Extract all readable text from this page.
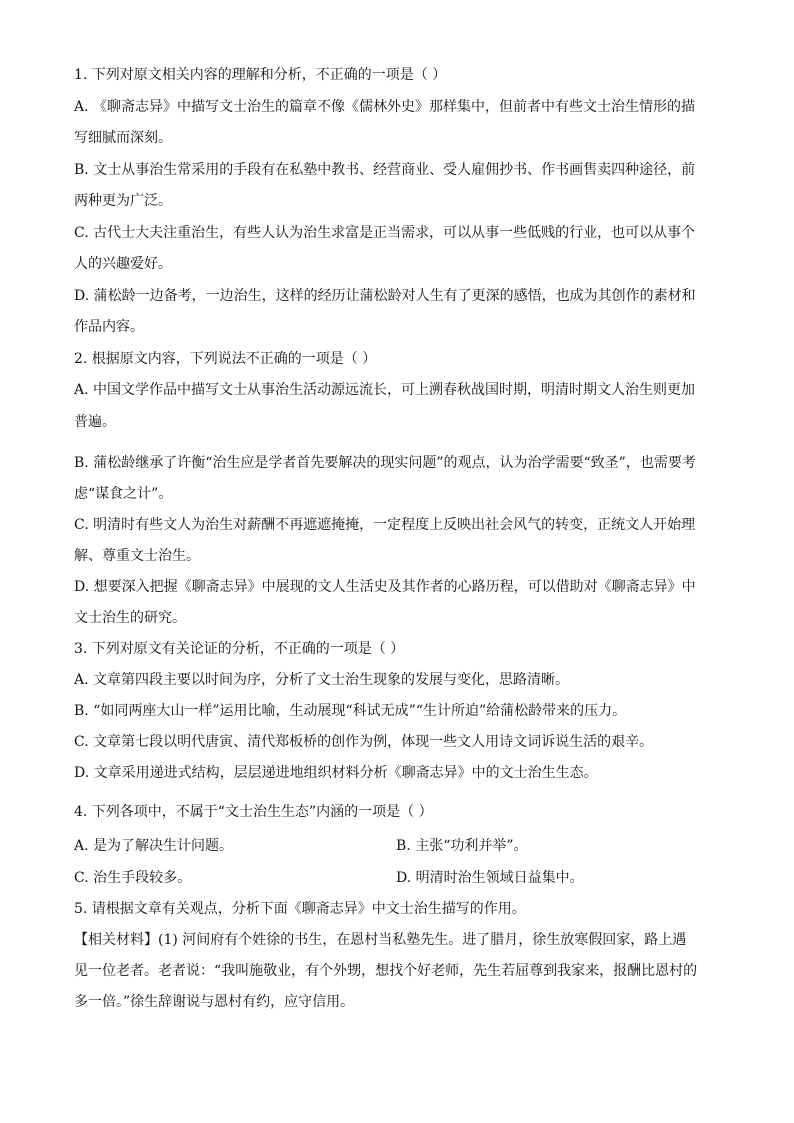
1. 下列对原文相关内容的理解和分析，不正确的一项是（ ）
A. 《聊斋志异》中描写文士治生的篇章不像《儒林外史》那样集中，但前者中有些文士治生情形的描
写细腻而深刻。
B. 文士从事治生常采用的手段有在私塾中教书、经营商业、受人雇佣抄书、作书画售卖四种途径，前
两种更为广泛。
C. 古代士大夫注重治生，有些人认为治生求富是正当需求，可以从事一些低贱的行业，也可以从事个
人的兴趣爱好。
D. 蒲松龄一边备考，一边治生，这样的经历让蒲松龄对人生有了更深的感悟，也成为其创作的素材和
作品内容。
2. 根据原文内容，下列说法不正确的一项是（ ）
A. 中国文学作品中描写文士从事治生活动源远流长，可上溯春秋战国时期，明清时期文人治生则更加
普遍。
B. 蒲松龄继承了许衡“治生应是学者首先要解决的现实问题”的观点，认为治学需要“致圣”，也需要考
虑“谋食之计”。
C. 明清时有些文人为治生对薪酬不再遮遮掩掩，一定程度上反映出社会风气的转变，正统文人开始理
解、尊重文士治生。
D. 想要深入把握《聊斋志异》中展现的文人生活史及其作者的心路历程，可以借助对《聊斋志异》中
文士治生的研究。
3. 下列对原文有关论证的分析，不正确的一项是（ ）
A. 文章第四段主要以时间为序，分析了文士治生现象的发展与变化，思路清晰。
B. “如同两座大山一样”运用比喻，生动展现“科试无成”“生计所迫”给蒲松龄带来的压力。
C. 文章第七段以明代唐寅、清代郑板桥的创作为例，体现一些文人用诗文词诉说生活的艰辛。
D. 文章采用递进式结构，层层递进地组织材料分析《聊斋志异》中的文士治生生态。
4. 下列各项中，不属于“文士治生生态”内涵的一项是（ ）
A. 是为了解决生计问题。	B. 主张“功利并举”。
C. 治生手段较多。	D. 明清时治生领域日益集中。
5. 请根据文章有关观点，分析下面《聊斋志异》中文士治生描写的作用。
【相关材料】(1) 河间府有个姓徐的书生，在恩村当私塾先生。进了腊月，徐生放寒假回家，路上遇
见一位老者。老者说：“我叫施敬业，有个外甥，想找个好老师，先生若屈尊到我家来，报酬比恩村的
多一倍。”徐生辞谢说与恩村有约，应守信用。
